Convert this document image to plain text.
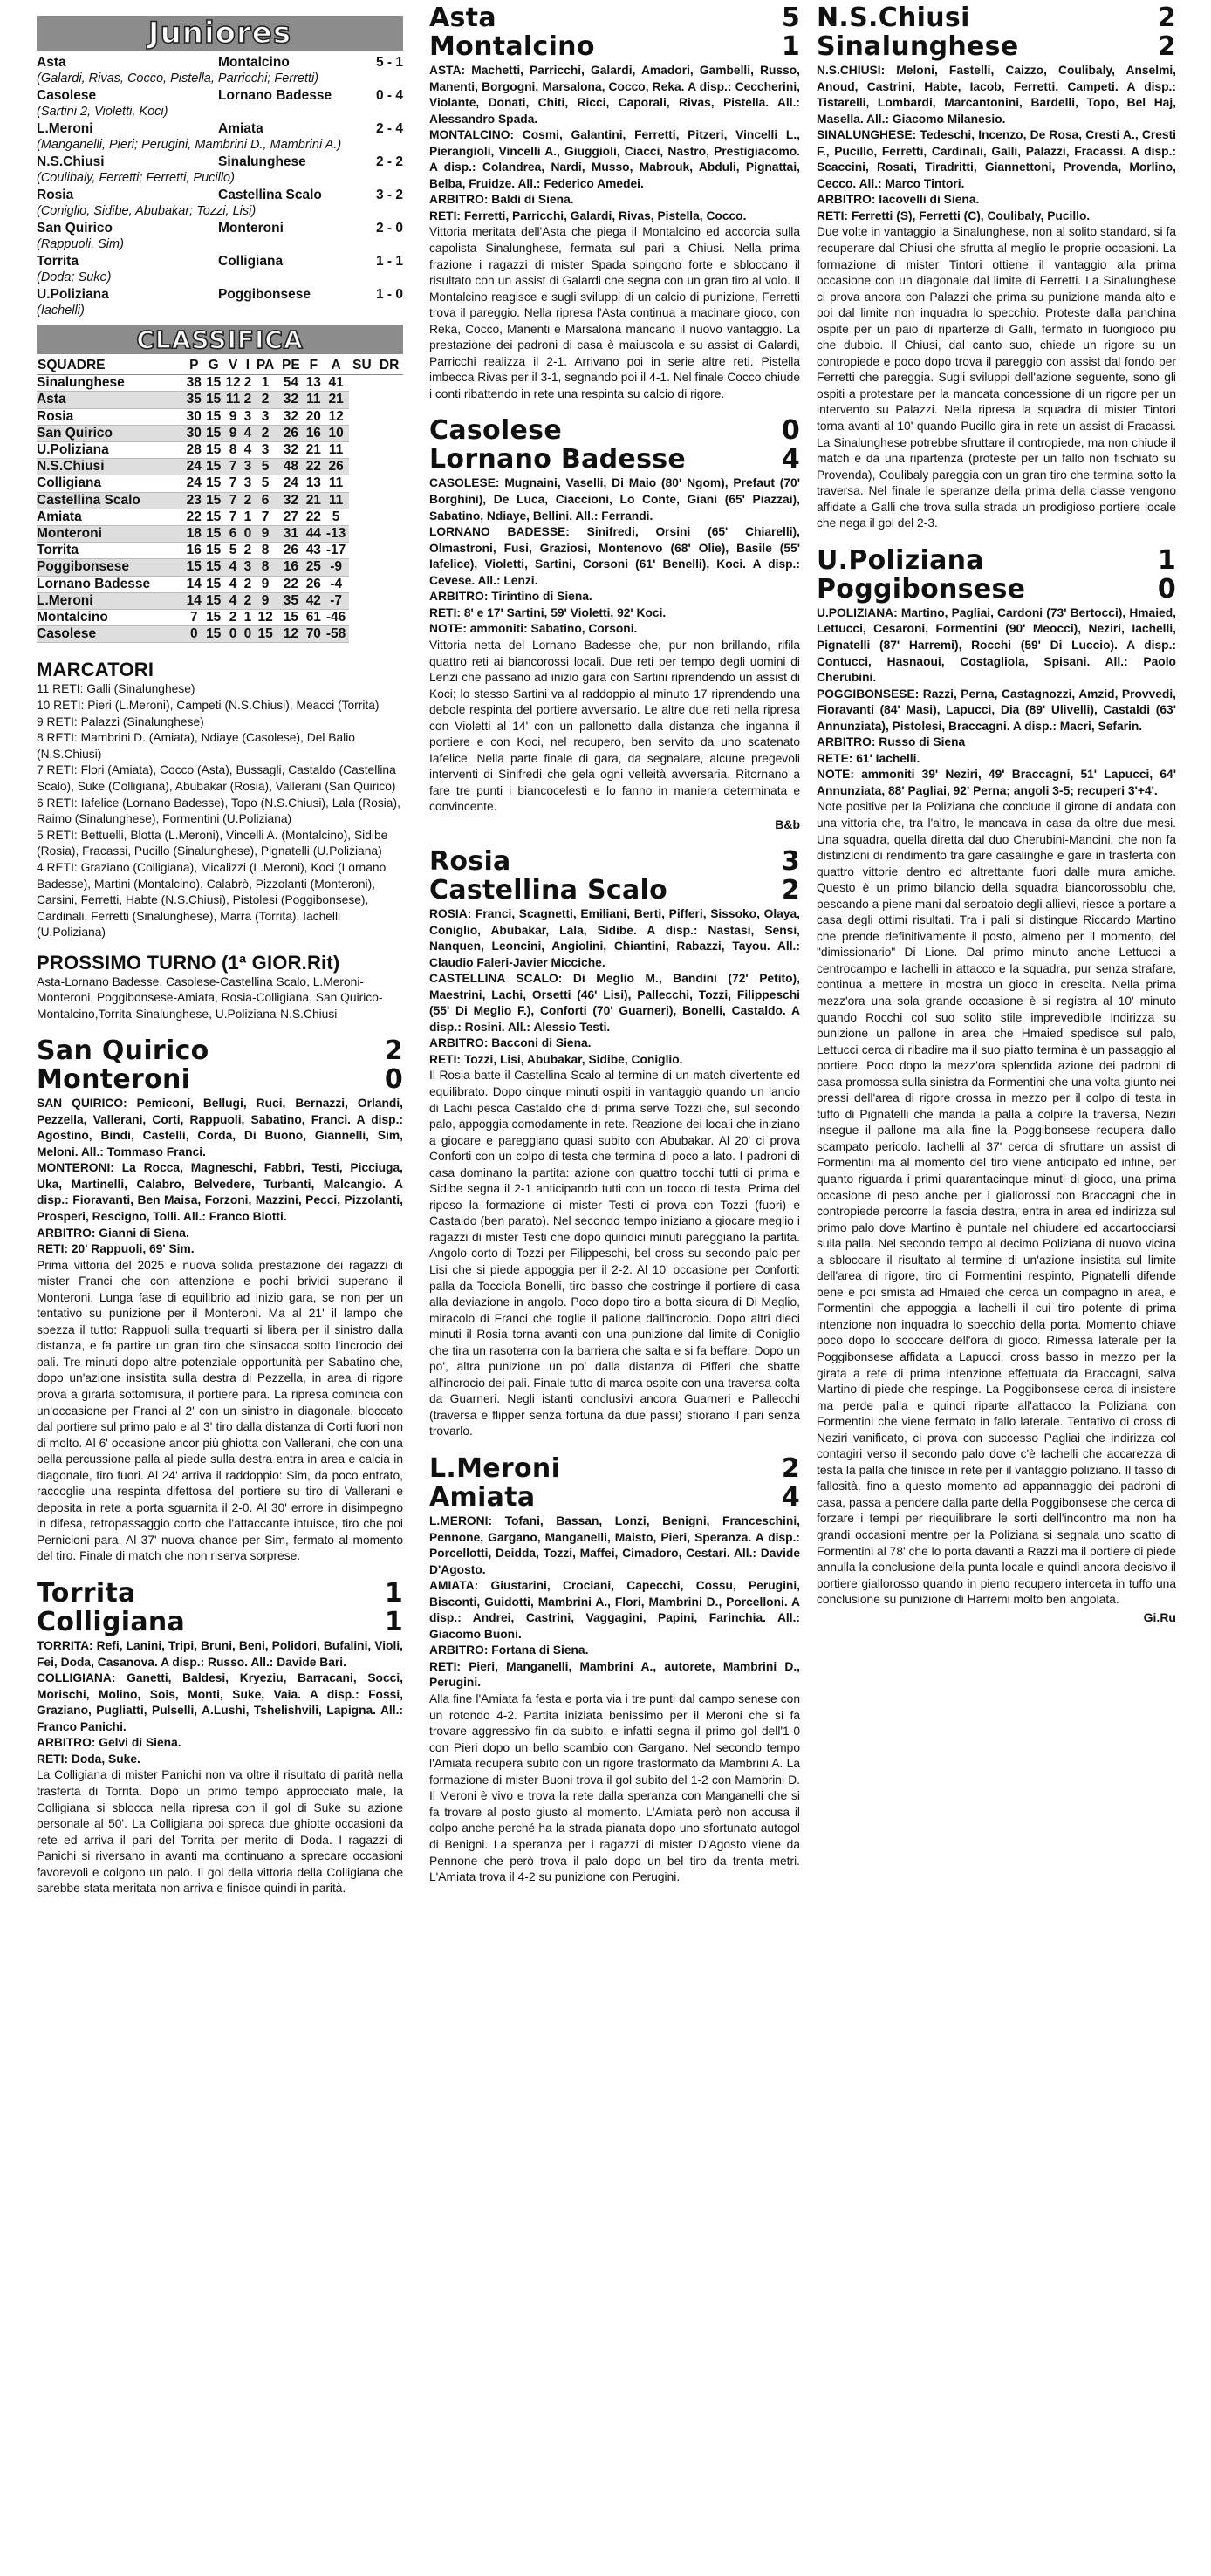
Juniores
Asta	Montalcino	5 - 1
(Galardi, Rivas, Cocco, Pistella, Parricchi; Ferretti)
Casolese	Lornano Badesse	0 - 4
(Sartini 2, Violetti, Koci)
L.Meroni	Amiata	2 - 4
(Manganelli, Pieri; Perugini, Mambrini D., Mambrini A.)
N.S.Chiusi	Sinalunghese	2 - 2
(Coulibaly, Ferretti; Ferretti, Pucillo)
Rosia	Castellina Scalo	3 - 2
(Coniglio, Sidibe, Abubakar; Tozzi, Lisi)
San Quirico	Monteroni	2 - 0
(Rappuoli, Sim)
Torrita	Colligiana	1 - 1
(Doda; Suke)
U.Poliziana	Poggibonsese	1 - 0
(Iachelli)
CLASSIFICA
SQUADRE	P	G	V	I	PA	PE	F	A	SU	DR
Sinalunghese	38	15	12	2	1	54	13	41		
Asta	35	15	11	2	2	32	11	21		
Rosia	30	15	9	3	3	32	20	12		
San Quirico	30	15	9	4	2	26	16	10		
U.Poliziana	28	15	8	4	3	32	21	11		
N.S.Chiusi	24	15	7	3	5	48	22	26		
Colligiana	24	15	7	3	5	24	13	11		
Castellina Scalo	23	15	7	2	6	32	21	11		
Amiata	22	15	7	1	7	27	22	5		
Monteroni	18	15	6	0	9	31	44	-13		
Torrita	16	15	5	2	8	26	43	-17		
Poggibonsese	15	15	4	3	8	16	25	-9		
Lornano Badesse	14	15	4	2	9	22	26	-4		
L.Meroni	14	15	4	2	9	35	42	-7		
Montalcino	7	15	2	1	12	15	61	-46		
Casolese	0	15	0	0	15	12	70	-58		
MARCATORI

11 RETI: Galli (Sinalunghese)

10 RETI: Pieri (L.Meroni), Campeti (N.S.Chiusi), Meacci (Torrita)

9 RETI: Palazzi (Sinalunghese)

8 RETI: Mambrini D. (Amiata), Ndiaye (Casolese), Del Balio (N.S.Chiusi)

7 RETI: Flori (Amiata), Cocco (Asta), Bussagli, Castaldo (Castellina Scalo), Suke (Colligiana), Abubakar (Rosia), Vallerani (San Quirico)

6 RETI: Iafelice (Lornano Badesse), Topo (N.S.Chiusi), Lala (Rosia), Raimo (Sinalunghese), Formentini (U.Poliziana)

5 RETI: Bettuelli, Blotta (L.Meroni), Vincelli A. (Montalcino), Sidibe (Rosia), Fracassi, Pucillo (Sinalunghese), Pignatelli (U.Poliziana)

4 RETI: Graziano (Colligiana), Micalizzi (L.Meroni), Koci (Lornano Badesse), Martini (Montalcino), Calabrò, Pizzolanti (Monteroni), Carsini, Ferretti, Habte (N.S.Chiusi), Pistolesi (Poggibonsese), Cardinali, Ferretti (Sinalunghese), Marra (Torrita), Iachelli (U.Poliziana)

PROSSIMO TURNO (1ª GIOR.Rit)

Asta-Lornano Badesse, Casolese-Castellina Scalo, L.Meroni-Monteroni, Poggibonsese-Amiata, Rosia-Colligiana, San Quirico-Montalcino,Torrita-Sinalunghese, U.Poliziana-N.S.Chiusi

San Quirico	2
Monteroni	0

SAN QUIRICO: Pemiconi, Bellugi, Ruci, Bernazzi, Orlandi, Pezzella, Vallerani, Corti, Rappuoli, Sabatino, Franci. A disp.: Agostino, Bindi, Castelli, Corda, Di Buono, Giannelli, Sim, Meloni. All.: Tommaso Franci.

MONTERONI: La Rocca, Magneschi, Fabbri, Testi, Picciuga, Uka, Martinelli, Calabro, Belvedere, Turbanti, Malcangio. A disp.: Fioravanti, Ben Maisa, Forzoni, Mazzini, Pecci, Pizzolanti, Prosperi, Rescigno, Tolli. All.: Franco Biotti.

ARBITRO: Gianni di Siena.

RETI: 20' Rappuoli, 69' Sim.

Prima vittoria del 2025 e nuova solida prestazione dei ragazzi di mister Franci che con attenzione e pochi brividi superano il Monteroni. Lunga fase di equilibrio ad inizio gara, se non per un tentativo su punizione per il Monteroni. Ma al 21' il lampo che spezza il tutto: Rappuoli sulla trequarti si libera per il sinistro dalla distanza, e fa partire un gran tiro che s'insacca sotto l'incrocio dei pali. Tre minuti dopo altre potenziale opportunità per Sabatino che, dopo un'azione insistita sulla destra di Pezzella, in area di rigore prova a girarla sottomisura, il portiere para. La ripresa comincia con un'occasione per Franci al 2' con un sinistro in diagonale, bloccato dal portiere sul primo palo e al 3' tiro dalla distanza di Corti fuori non di molto. Al 6' occasione ancor più ghiotta con Vallerani, che con una bella percussione palla al piede sulla destra entra in area e calcia in diagonale, tiro fuori. Al 24' arriva il raddoppio: Sim, da poco entrato, raccoglie una respinta difettosa del portiere su tiro di Vallerani e deposita in rete a porta sguarnita il 2-0. Al 30' errore in disimpegno in difesa, retropassaggio corto che l'attaccante intuisce, tiro che poi Pernicioni para. Al 37' nuova chance per Sim, fermato al momento del tiro. Finale di match che non riserva sorprese.

Torrita	1
Colligiana	1

TORRITA: Refi, Lanini, Tripi, Bruni, Beni, Polidori, Bufalini, Violi, Fei, Doda, Casanova. A disp.: Russo. All.: Davide Bari.

COLLIGIANA: Ganetti, Baldesi, Kryeziu, Barracani, Socci, Morischi, Molino, Sois, Monti, Suke, Vaia. A disp.: Fossi, Graziano, Pugliatti, Pulselli, A.Lushi, Tshelishvili, Lapigna. All.: Franco Panichi.

ARBITRO: Gelvi di Siena.

RETI: Doda, Suke.

La Colligiana di mister Panichi non va oltre il risultato di parità nella trasferta di Torrita. Dopo un primo tempo approcciato male, la Colligiana si sblocca nella ripresa con il gol di Suke su azione personale al 50'. La Colligiana poi spreca due ghiotte occasioni da rete ed arriva il pari del Torrita per merito di Doda. I ragazzi di Panichi si riversano in avanti ma continuano a sprecare occasioni favorevoli e colgono un palo. Il gol della vittoria della Colligiana che sarebbe stata meritata non arriva e finisce quindi in parità.

Asta	5
Montalcino	1

ASTA: Machetti, Parricchi, Galardi, Amadori, Gambelli, Russo, Manenti, Borgogni, Marsalona, Cocco, Reka. A disp.: Ceccherini, Violante, Donati, Chiti, Ricci, Caporali, Rivas, Pistella. All.: Alessandro Spada.

MONTALCINO: Cosmi, Galantini, Ferretti, Pitzeri, Vincelli L., Pierangioli, Vincelli A., Giuggioli, Ciacci, Nastro, Prestigiacomo. A disp.: Colandrea, Nardi, Musso, Mabrouk, Abduli, Pignattai, Belba, Fruidze. All.: Federico Amedei.

ARBITRO: Baldi di Siena.

RETI: Ferretti, Parricchi, Galardi, Rivas, Pistella, Cocco.

Vittoria meritata dell'Asta che piega il Montalcino ed accorcia sulla capolista Sinalunghese, fermata sul pari a Chiusi. Nella prima frazione i ragazzi di mister Spada spingono forte e sbloccano il risultato con un assist di Galardi che segna con un gran tiro al volo. Il Montalcino reagisce e sugli sviluppi di un calcio di punizione, Ferretti trova il pareggio. Nella ripresa l'Asta continua a macinare gioco, con Reka, Cocco, Manenti e Marsalona mancano il nuovo vantaggio. La prestazione dei padroni di casa è maiuscola e su assist di Galardi, Parricchi realizza il 2-1. Arrivano poi in serie altre reti. Pistella imbecca Rivas per il 3-1, segnando poi il 4-1. Nel finale Cocco chiude i conti ribattendo in rete una respinta su calcio di rigore.

Casolese	0
Lornano Badesse	4

CASOLESE: Mugnaini, Vaselli, Di Maio (80' Ngom), Prefaut (70' Borghini), De Luca, Ciaccioni, Lo Conte, Giani (65' Piazzai), Sabatino, Ndiaye, Bellini. All.: Ferrandi.

LORNANO BADESSE: Sinifredi, Orsini (65' Chiarelli), Olmastroni, Fusi, Graziosi, Montenovo (68' Olie), Basile (55' Iafelice), Violetti, Sartini, Corsoni (61' Benelli), Koci. A disp.: Cevese. All.: Lenzi.

ARBITRO: Tirintino di Siena.

RETI: 8' e 17' Sartini, 59' Violetti, 92' Koci.

NOTE: ammoniti: Sabatino, Corsoni.

Vittoria netta del Lornano Badesse che, pur non brillando, rifila quattro reti ai biancorossi locali. Due reti per tempo degli uomini di Lenzi che passano ad inizio gara con Sartini riprendendo un assist di Koci; lo stesso Sartini va al raddoppio al minuto 17 riprendendo una debole respinta del portiere avversario. Le altre due reti nella ripresa con Violetti al 14' con un pallonetto dalla distanza che inganna il portiere e con Koci, nel recupero, ben servito da uno scatenato Iafelice. Nella parte finale di gara, da segnalare, alcune pregevoli interventi di Sinifredi che gela ogni velleità avversaria. Ritornano a fare tre punti i biancocelesti e lo fanno in maniera determinata e convincente.

B&b
Rosia	3
Castellina Scalo	2

ROSIA: Franci, Scagnetti, Emiliani, Berti, Pifferi, Sissoko, Olaya, Coniglio, Abubakar, Lala, Sidibe. A disp.: Nastasi, Sensi, Nanquen, Leoncini, Angiolini, Chiantini, Rabazzi, Tayou. All.: Claudio Faleri-Javier Micciche.

CASTELLINA SCALO: Di Meglio M., Bandini (72' Petito), Maestrini, Lachi, Orsetti (46' Lisi), Pallecchi, Tozzi, Filippeschi (55' Di Meglio F.), Conforti (70' Guarneri), Bonelli, Castaldo. A disp.: Rosini. All.: Alessio Testi.

ARBITRO: Bacconi di Siena.

RETI: Tozzi, Lisi, Abubakar, Sidibe, Coniglio.

Il Rosia batte il Castellina Scalo al termine di un match divertente ed equilibrato. Dopo cinque minuti ospiti in vantaggio quando un lancio di Lachi pesca Castaldo che di prima serve Tozzi che, sul secondo palo, appoggia comodamente in rete. Reazione dei locali che iniziano a giocare e pareggiano quasi subito con Abubakar. Al 20' ci prova Conforti con un colpo di testa che termina di poco a lato. I padroni di casa dominano la partita: azione con quattro tocchi tutti di prima e Sidibe segna il 2-1 anticipando tutti con un tocco di testa. Prima del riposo la formazione di mister Testi ci prova con Tozzi (fuori) e Castaldo (ben parato). Nel secondo tempo iniziano a giocare meglio i ragazzi di mister Testi che dopo quindici minuti pareggiano la partita. Angolo corto di Tozzi per Filippeschi, bel cross su secondo palo per Lisi che si piede appoggia per il 2-2. Al 10' occasione per Conforti: palla da Tocciola Bonelli, tiro basso che costringe il portiere di casa alla deviazione in angolo. Poco dopo tiro a botta sicura di Di Meglio, miracolo di Franci che toglie il pallone dall'incrocio. Dopo altri dieci minuti il Rosia torna avanti con una punizione dal limite di Coniglio che tira un rasoterra con la barriera che salta e si fa beffare. Dopo un po', altra punizione un po' dalla distanza di Pifferi che sbatte all'incrocio dei pali. Finale tutto di marca ospite con una traversa colta da Guarneri. Negli istanti conclusivi ancora Guarneri e Pallecchi (traversa e flipper senza fortuna da due passi) sfiorano il pari senza trovarlo.

L.Meroni	2
Amiata	4

L.MERONI: Tofani, Bassan, Lonzi, Benigni, Franceschini, Pennone, Gargano, Manganelli, Maisto, Pieri, Speranza. A disp.: Porcellotti, Deidda, Tozzi, Maffei, Cimadoro, Cestari. All.: Davide D'Agosto.

AMIATA: Giustarini, Crociani, Capecchi, Cossu, Perugini, Bisconti, Guidotti, Mambrini A., Flori, Mambrini D., Porcelloni. A disp.: Andrei, Castrini, Vaggagini, Papini, Farinchia. All.: Giacomo Buoni.

ARBITRO: Fortana di Siena.

RETI: Pieri, Manganelli, Mambrini A., autorete, Mambrini D., Perugini.

Alla fine l'Amiata fa festa e porta via i tre punti dal campo senese con un rotondo 4-2. Partita iniziata benissimo per il Meroni che si fa trovare aggressivo fin da subito, e infatti segna il primo gol dell'1-0 con Pieri dopo un bello scambio con Gargano. Nel secondo tempo l'Amiata recupera subito con un rigore trasformato da Mambrini A. La formazione di mister Buoni trova il gol subito del 1-2 con Mambrini D. Il Meroni è vivo e trova la rete dalla speranza con Manganelli che si fa trovare al posto giusto al momento. L'Amiata però non accusa il colpo anche perché ha la strada pianata dopo uno sfortunato autogol di Benigni. La speranza per i ragazzi di mister D'Agosto viene da Pennone che però trova il palo dopo un bel tiro da trenta metri. L'Amiata trova il 4-2 su punizione con Perugini.

N.S.Chiusi	2
Sinalunghese	2

N.S.CHIUSI: Meloni, Fastelli, Caizzo, Coulibaly, Anselmi, Anoud, Castrini, Habte, Iacob, Ferretti, Campeti. A disp.: Tistarelli, Lombardi, Marcantonini, Bardelli, Topo, Bel Haj, Masella. All.: Giacomo Milanesio.

SINALUNGHESE: Tedeschi, Incenzo, De Rosa, Cresti A., Cresti F., Pucillo, Ferretti, Cardinali, Galli, Palazzi, Fracassi. A disp.: Scaccini, Rosati, Tiradritti, Giannettoni, Provenda, Morlino, Cecco. All.: Marco Tintori.

ARBITRO: Iacovelli di Siena.

RETI: Ferretti (S), Ferretti (C), Coulibaly, Pucillo.

Due volte in vantaggio la Sinalunghese, non al solito standard, si fa recuperare dal Chiusi che sfrutta al meglio le proprie occasioni. La formazione di mister Tintori ottiene il vantaggio alla prima occasione con un diagonale dal limite di Ferretti. La Sinalunghese ci prova ancora con Palazzi che prima su punizione manda alto e poi dal limite non inquadra lo specchio. Proteste dalla panchina ospite per un paio di riparterze di Galli, fermato in fuorigioco più che dubbio. Il Chiusi, dal canto suo, chiede un rigore su un contropiede e poco dopo trova il pareggio con assist dal fondo per Ferretti che pareggia. Sugli sviluppi dell'azione seguente, sono gli ospiti a protestare per la mancata concessione di un rigore per un intervento su Palazzi. Nella ripresa la squadra di mister Tintori torna avanti al 10' quando Pucillo gira in rete un assist di Fracassi. La Sinalunghese potrebbe sfruttare il contropiede, ma non chiude il match e da una ripartenza (proteste per un fallo non fischiato su Provenda), Coulibaly pareggia con un gran tiro che termina sotto la traversa. Nel finale le speranze della prima della classe vengono affidate a Galli che trova sulla strada un prodigioso portiere locale che nega il gol del 2-3.

U.Poliziana	1
Poggibonsese	0

U.POLIZIANA: Martino, Pagliai, Cardoni (73' Bertocci), Hmaied, Lettucci, Cesaroni, Formentini (90' Meocci), Neziri, Iachelli, Pignatelli (87' Harremi), Rocchi (59' Di Luccio). A disp.: Contucci, Hasnaoui, Costagliola, Spisani. All.: Paolo Cherubini.

POGGIBONSESE: Razzi, Perna, Castagnozzi, Amzid, Provvedi, Fioravanti (84' Masi), Lapucci, Dia (89' Ulivelli), Castaldi (63' Annunziata), Pistolesi, Braccagni. A disp.: Macri, Sefarin.

ARBITRO: Russo di Siena

RETE: 61' Iachelli.

NOTE: ammoniti 39' Neziri, 49' Braccagni, 51' Lapucci, 64' Annunziata, 88' Pagliai, 92' Perna; angoli 3-5; recuperi 3'+4'.

Note positive per la Poliziana che conclude il girone di andata con una vittoria che, tra l'altro, le mancava in casa da oltre due mesi. Una squadra, quella diretta dal duo Cherubini-Mancini, che non fa distinzioni di rendimento tra gare casalinghe e gare in trasferta con quattro vittorie dentro ed altrettante fuori dalle mura amiche. Questo è un primo bilancio della squadra biancorossoblu che, pescando a piene mani dal serbatoio degli allievi, riesce a portare a casa degli ottimi risultati. Tra i pali si distingue Riccardo Martino che prende definitivamente il posto, almeno per il momento, del "dimissionario" Di Lione. Dal primo minuto anche Lettucci a centrocampo e Iachelli in attacco e la squadra, pur senza strafare, continua a mettere in mostra un gioco in crescita. Nella prima mezz'ora una sola grande occasione è si registra al 10' minuto quando Rocchi col suo solito stile imprevedibile indirizza su punizione un pallone in area che Hmaied spedisce sul palo, Lettucci cerca di ribadire ma il suo piatto termina è un passaggio al portiere. Poco dopo la mezz'ora splendida azione dei padroni di casa promossa sulla sinistra da Formentini che una volta giunto nei pressi dell'area di rigore crossa in mezzo per il colpo di testa in tuffo di Pignatelli che manda la palla a colpire la traversa, Neziri insegue il pallone ma alla fine la Poggibonsese recupera dallo scampato pericolo. Iachelli al 37' cerca di sfruttare un assist di Formentini ma al momento del tiro viene anticipato ed infine, per quanto riguarda i primi quarantacinque minuti di gioco, una prima occasione di peso anche per i giallorossi con Braccagni che in contropiede percorre la fascia destra, entra in area ed indirizza sul primo palo dove Martino è puntale nel chiudere ed accartocciarsi sulla palla. Nel secondo tempo al decimo Poliziana di nuovo vicina a sbloccare il risultato al termine di un'azione insistita sul limite dell'area di rigore, tiro di Formentini respinto, Pignatelli difende bene e poi smista ad Hmaied che cerca un compagno in area, è Formentini che appoggia a Iachelli il cui tiro potente di prima intenzione non inquadra lo specchio della porta. Momento chiave poco dopo lo scoccare dell'ora di gioco. Rimessa laterale per la Poggibonsese affidata a Lapucci, cross basso in mezzo per la girata a rete di prima intenzione effettuata da Braccagni, salva Martino di piede che respinge. La Poggibonsese cerca di insistere ma perde palla e quindi riparte all'attacco la Poliziana con Formentini che viene fermato in fallo laterale. Tentativo di cross di Neziri vanificato, ci prova con successo Pagliai che indirizza col contagiri verso il secondo palo dove c'è Iachelli che accarezza di testa la palla che finisce in rete per il vantaggio poliziano. Il tasso di fallosità, fino a questo momento ad appannaggio dei padroni di casa, passa a pendere dalla parte della Poggibonsese che cerca di forzare i tempi per riequilibrare le sorti dell'incontro ma non ha grandi occasioni mentre per la Poliziana si segnala uno scatto di Formentini al 78' che lo porta davanti a Razzi ma il portiere di piede annulla la conclusione della punta locale e quindi ancora decisivo il portiere giallorosso quando in pieno recupero interceta in tuffo una conclusione su punizione di Harremi molto ben angolata.

Gi.Ru
